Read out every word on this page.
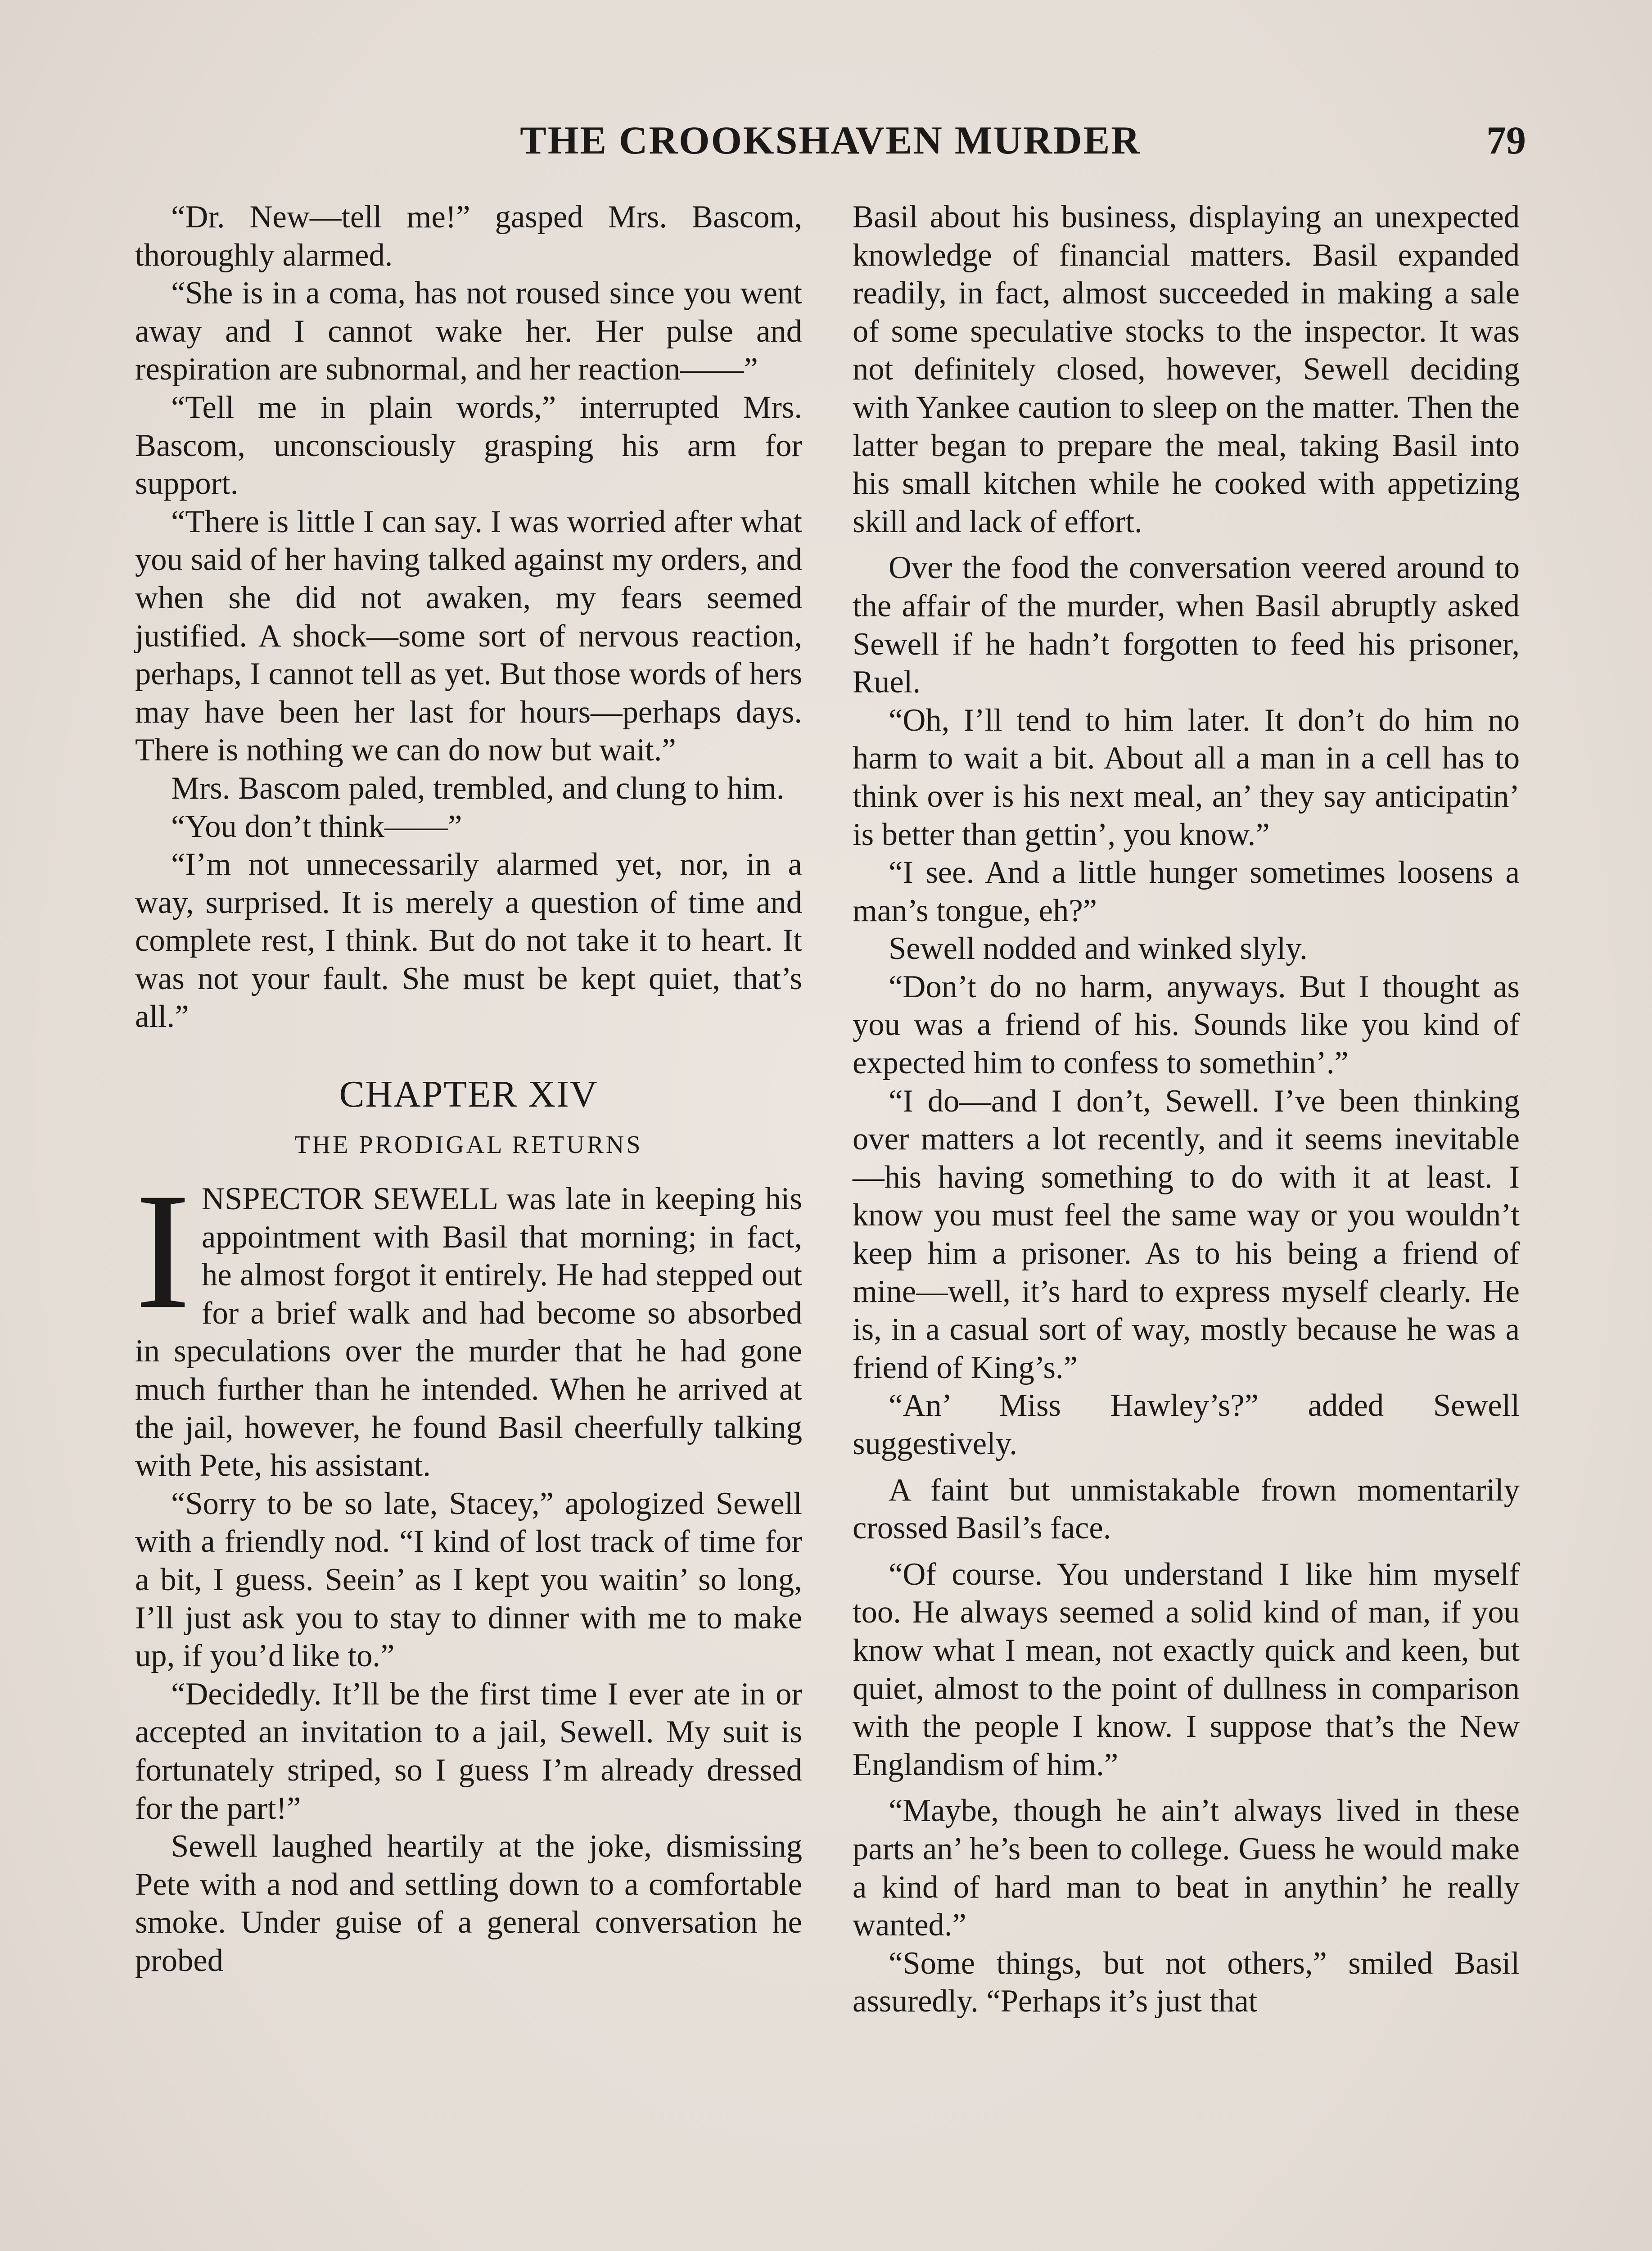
THE CROOKSHAVEN MURDER	79

“Dr. New—tell me!” gasped Mrs. Bascom, thoroughly alarmed.

“She is in a coma, has not roused since you went away and I cannot wake her. Her pulse and respiration are subnormal, and her reaction——”

“Tell me in plain words,” interrupted Mrs. Bascom, unconsciously grasping his arm for support.

“There is little I can say. I was worried after what you said of her having talked against my orders, and when she did not awaken, my fears seemed justified. A shock—some sort of nervous reaction, perhaps, I cannot tell as yet. But those words of hers may have been her last for hours—perhaps days. There is nothing we can do now but wait.”

Mrs. Bascom paled, trembled, and clung to him.

“You don’t think——”

“I’m not unnecessarily alarmed yet, nor, in a way, surprised. It is merely a question of time and complete rest, I think. But do not take it to heart. It was not your fault. She must be kept quiet, that’s all.”

CHAPTER XIV
THE PRODIGAL RETURNS
I NSPECTOR SEWELL was late in keeping his appointment with Basil that morning; in fact, he almost forgot it entirely. He had stepped out for a brief walk and had become so absorbed in speculations over the murder that he had gone much further than he intended. When he arrived at the jail, however, he found Basil cheerfully talking with Pete, his assistant.

“Sorry to be so late, Stacey,” apologized Sewell with a friendly nod. “I kind of lost track of time for a bit, I guess. Seein’ as I kept you waitin’ so long, I’ll just ask you to stay to dinner with me to make up, if you’d like to.”

“Decidedly. It’ll be the first time I ever ate in or accepted an invitation to a jail, Sewell. My suit is fortunately striped, so I guess I’m already dressed for the part!”

Sewell laughed heartily at the joke, dismissing Pete with a nod and settling down to a comfortable smoke. Under guise of a general conversation he probed

Basil about his business, displaying an unexpected knowledge of financial matters. Basil expanded readily, in fact, almost succeeded in making a sale of some speculative stocks to the inspector. It was not definitely closed, however, Sewell deciding with Yankee caution to sleep on the matter. Then the latter began to prepare the meal, taking Basil into his small kitchen while he cooked with appetizing skill and lack of effort.

Over the food the conversation veered around to the affair of the murder, when Basil abruptly asked Sewell if he hadn’t forgotten to feed his prisoner, Ruel.

“Oh, I’ll tend to him later. It don’t do him no harm to wait a bit. About all a man in a cell has to think over is his next meal, an’ they say anticipatin’ is better than gettin’, you know.”

“I see. And a little hunger sometimes loosens a man’s tongue, eh?”

Sewell nodded and winked slyly.

“Don’t do no harm, anyways. But I thought as you was a friend of his. Sounds like you kind of expected him to confess to somethin’.”

“I do—and I don’t, Sewell. I’ve been thinking over matters a lot recently, and it seems inevitable—his having something to do with it at least. I know you must feel the same way or you wouldn’t keep him a prisoner. As to his being a friend of mine—well, it’s hard to express myself clearly. He is, in a casual sort of way, mostly because he was a friend of King’s.”

“An’ Miss Hawley’s?” added Sewell suggestively.

A faint but unmistakable frown momentarily crossed Basil’s face.

“Of course. You understand I like him myself too. He always seemed a solid kind of man, if you know what I mean, not exactly quick and keen, but quiet, almost to the point of dullness in comparison with the people I know. I suppose that’s the New Englandism of him.”

“Maybe, though he ain’t always lived in these parts an’ he’s been to college. Guess he would make a kind of hard man to beat in anythin’ he really wanted.”

“Some things, but not others,” smiled Basil assuredly. “Perhaps it’s just that
